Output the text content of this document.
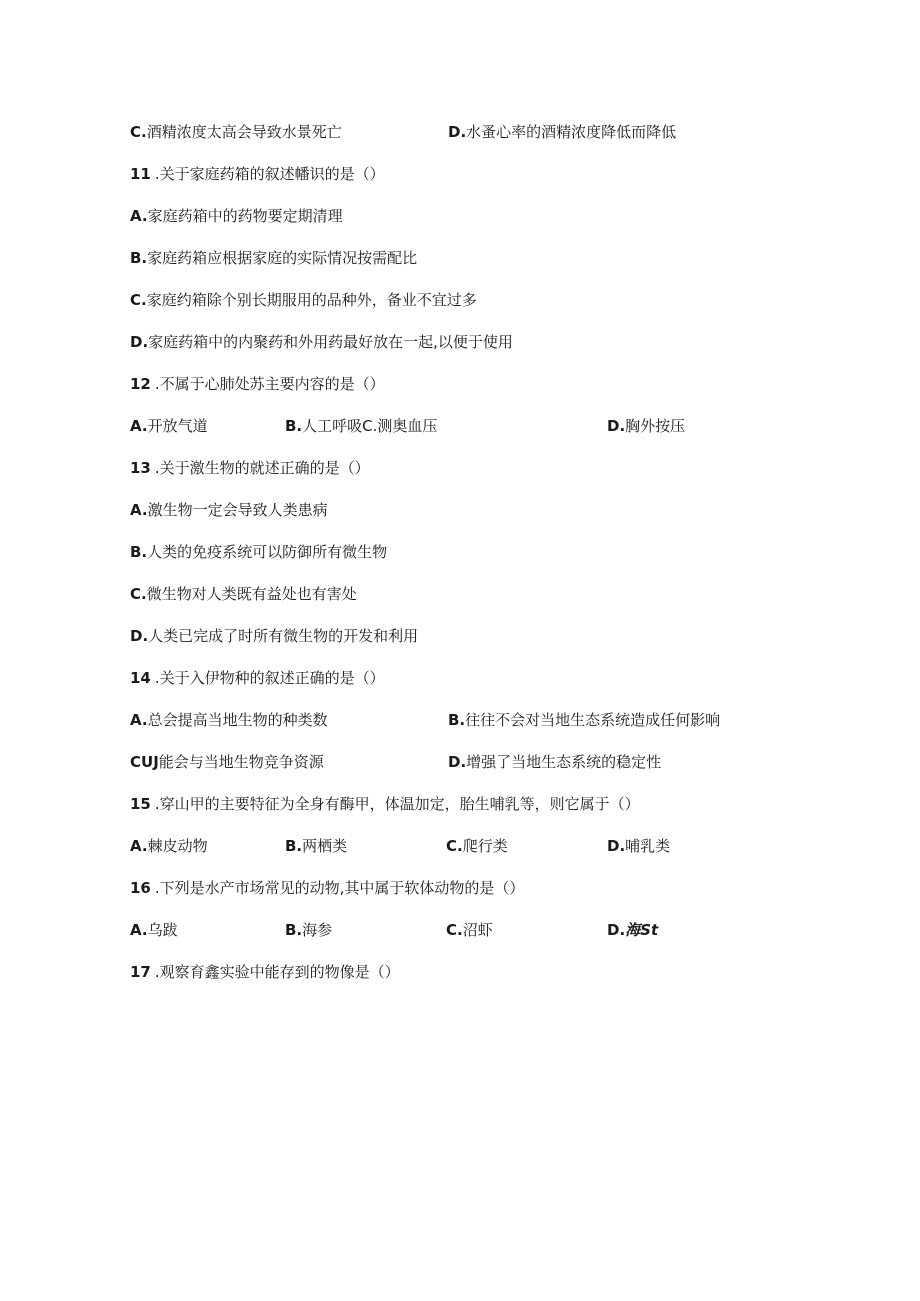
C.酒精浓度太高会导致水景死亡	D.水蚤心率的酒精浓度降低而降低
11 .关于家庭药箱的叙述幡识的是（）
A.家庭药箱中的药物要定期清理
B.家庭药箱应根据家庭的实际情况按需配比
C.家庭约箱除个别长期服用的品种外，备业不宜过多
D.家庭药箱中的内聚药和外用药最好放在一起,以便于使用
12 .不属于心肺处苏主要内容的是（）
A.开放气道	B.人工呼吸C.测奥血压	D.胸外按压
13 .关于激生物的就述正确的是（）
A.激生物一定会导致人类患病
B.人类的免疫系统可以防御所有微生物
C.微生物对人类既有益处也有害处
D.人类已完成了时所有微生物的开发和利用
14 .关于入伊物种的叙述正确的是（）
A.总会提高当地生物的种类数	B.往往不会对当地生态系统造成任何影响
CUJ能会与当地生物竞争资源	D.增强了当地生态系统的稳定性
15 .穿山甲的主要特征为全身有酶甲，体温加定，胎生哺乳等，则它属于（）
A.棘皮动物	B.两栖类	C.爬行类	D.哺乳类
16 .下列是水产市场常见的动物,其中属于软体动物的是（）
A.乌跋	B.海参	C.沼虾	D.海St
17 .观察育鑫实验中能存到的物像是（）
